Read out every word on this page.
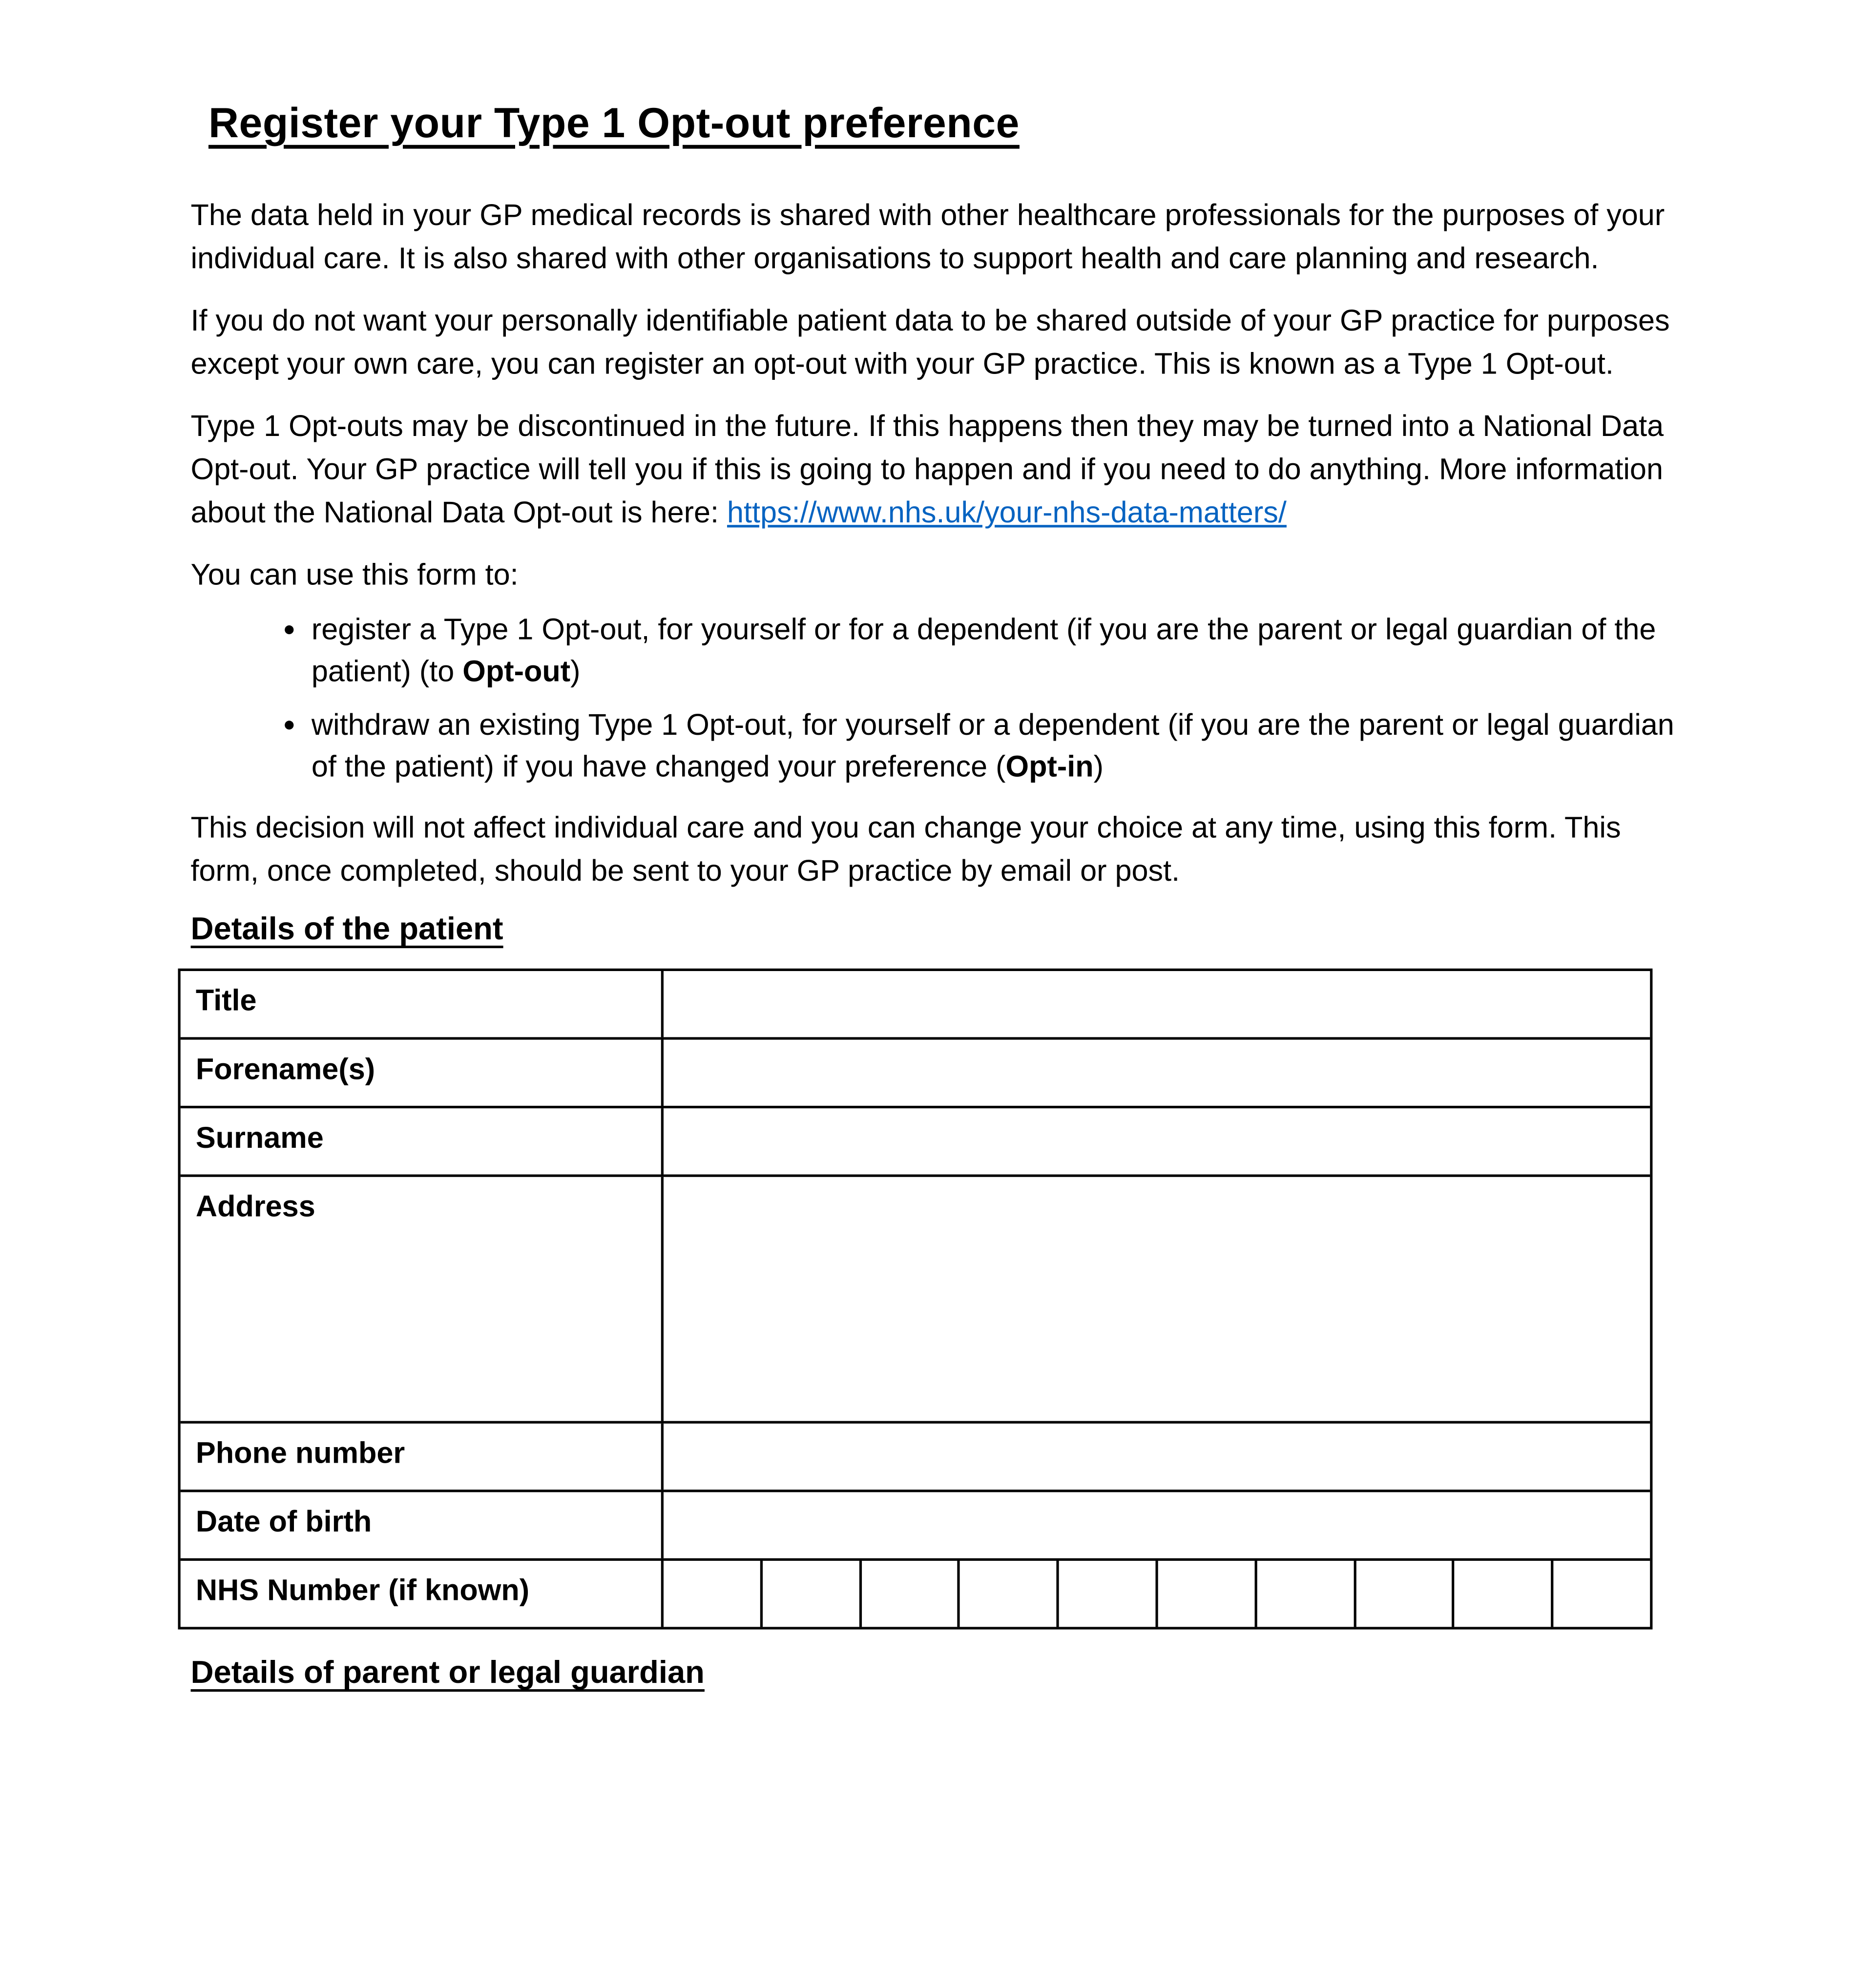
Register your Type 1 Opt-out preference

The data held in your GP medical records is shared with other healthcare professionals for the purposes of your individual care. It is also shared with other organisations to support health and care planning and research.

If you do not want your personally identifiable patient data to be shared outside of your GP practice for purposes except your own care, you can register an opt-out with your GP practice. This is known as a Type 1 Opt-out.

Type 1 Opt-outs may be discontinued in the future. If this happens then they may be turned into a National Data Opt-out. Your GP practice will tell you if this is going to happen and if you need to do anything. More information about the National Data Opt-out is here: https://www.nhs.uk/your-nhs-data-matters/

You can use this form to:

• register a Type 1 Opt-out, for yourself or for a dependent (if you are the parent or legal guardian of the patient) (to Opt-out)
• withdraw an existing Type 1 Opt-out, for yourself or a dependent (if you are the parent or legal guardian of the patient) if you have changed your preference (Opt-in)

This decision will not affect individual care and you can change your choice at any time, using this form. This form, once completed, should be sent to your GP practice by email or post.

Details of the patient
Title
Forename(s)
Surname
Address
Phone number
Date of birth
NHS Number (if known)
Details of parent or legal guardian
